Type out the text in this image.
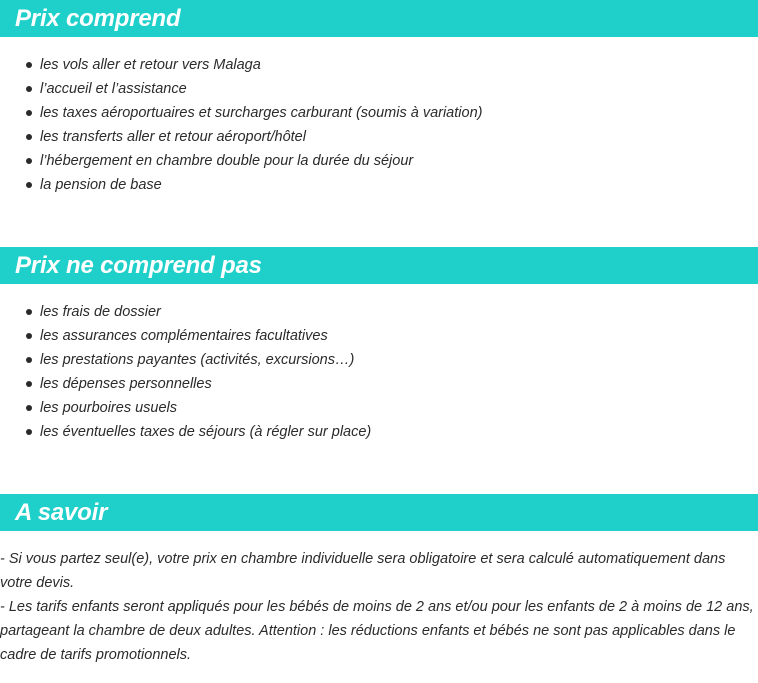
Prix comprend
les vols aller et retour vers Malaga
l’accueil et l’assistance
les taxes aéroportuaires et surcharges carburant (soumis à variation)
les transferts aller et retour aéroport/hôtel
l’hébergement en chambre double pour la durée du séjour
la pension de base
Prix ne comprend pas
les frais de dossier
les assurances complémentaires facultatives
les prestations payantes (activités, excursions…)
les dépenses personnelles
les pourboires usuels
les éventuelles taxes de séjours (à régler sur place)
A savoir

- Si vous partez seul(e), votre prix en chambre individuelle sera obligatoire et sera calculé automatiquement dans votre devis.

- Les tarifs enfants seront appliqués pour les bébés de moins de 2 ans et/ou pour les enfants de 2 à moins de 12 ans, partageant la chambre de deux adultes. Attention : les réductions enfants et bébés ne sont pas applicables dans le cadre de tarifs promotionnels.
